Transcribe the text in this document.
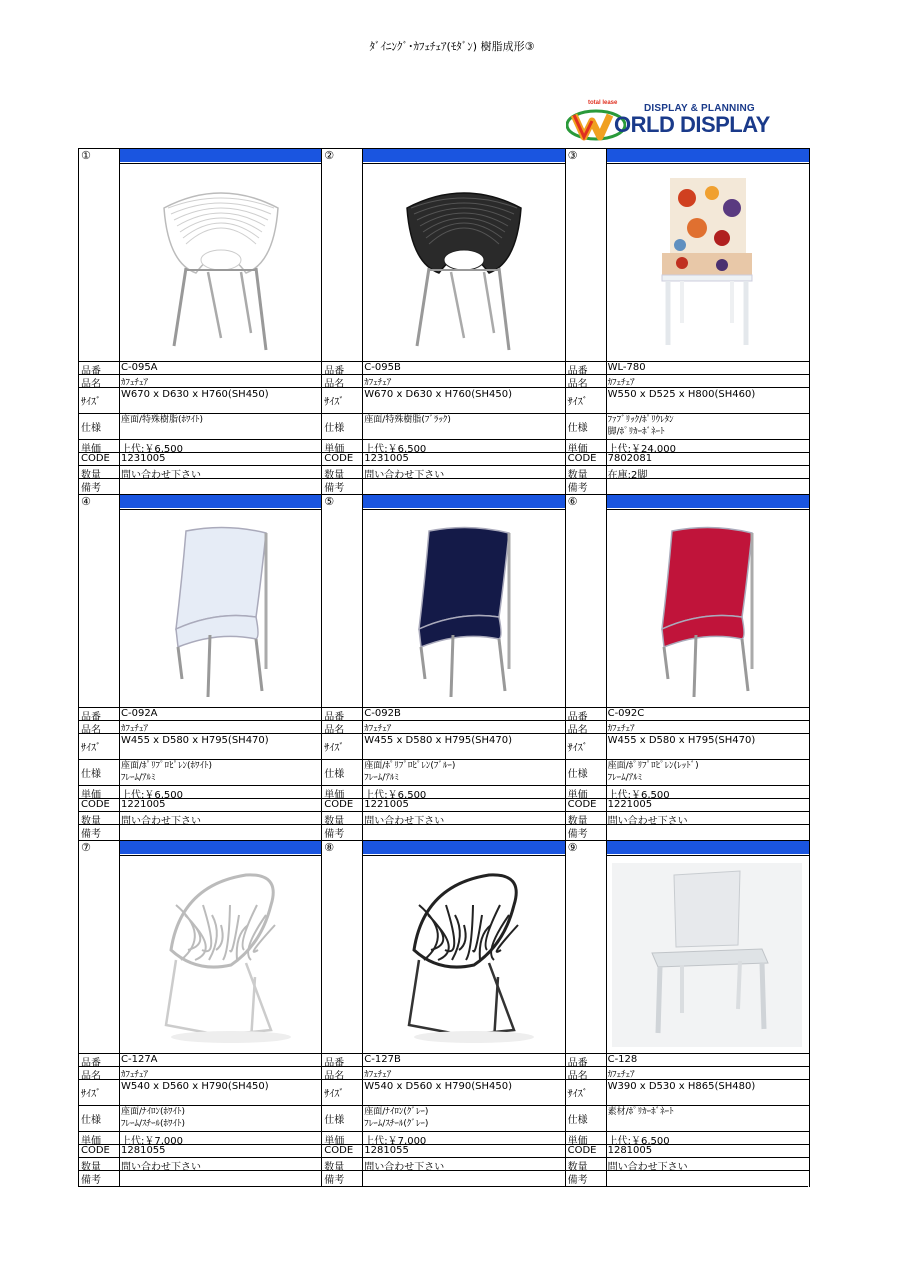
ﾀﾞｲﾆﾝｸﾞ･ｶﾌｪﾁｪｱ(ﾓﾀﾞﾝ) 樹脂成形③
total lease	DISPLAY & PLANNING
ORLD DISPLAY
①
品番 C-095A
品名 ｶﾌｪﾁｪｱ
ｻｲｽﾞ
W670 x D630 x H760(SH450)
仕様
座面/特殊樹脂(ﾎﾜｲﾄ)
単価 上代:￥6,500
CODE 1231005
数量 問い合わせ下さい
備考
②
品番 C-095B
品名 ｶﾌｪﾁｪｱ
ｻｲｽﾞ
W670 x D630 x H760(SH450)
仕様
座面/特殊樹脂(ﾌﾞﾗｯｸ)
単価 上代:￥6,500
CODE 1231005
数量 問い合わせ下さい
備考
③
品番 WL-780
品名 ｶﾌｪﾁｪｱ
ｻｲｽﾞ
W550 x D525 x H800(SH460)
仕様
ﾌｧﾌﾞﾘｯｸ/ﾎﾟﾘｳﾚﾀﾝ
脚/ﾎﾟﾘｶｰﾎﾞﾈｰﾄ
単価 上代:￥24,000
CODE 7802081
数量 在庫:2脚
備考
④
品番 C-092A
品名 ｶﾌｪﾁｪｱ
ｻｲｽﾞ
W455 x D580 x H795(SH470)
仕様
座面/ﾎﾟﾘﾌﾟﾛﾋﾟﾚﾝ(ﾎﾜｲﾄ)
ﾌﾚｰﾑ/ｱﾙﾐ
単価 上代:￥6,500
CODE 1221005
数量 問い合わせ下さい
備考
⑤
品番 C-092B
品名 ｶﾌｪﾁｪｱ
ｻｲｽﾞ
W455 x D580 x H795(SH470)
仕様
座面/ﾎﾟﾘﾌﾟﾛﾋﾟﾚﾝ(ﾌﾞﾙｰ)
ﾌﾚｰﾑ/ｱﾙﾐ
単価 上代:￥6,500
CODE 1221005
数量 問い合わせ下さい
備考
⑥
品番 C-092C
品名 ｶﾌｪﾁｪｱ
ｻｲｽﾞ
W455 x D580 x H795(SH470)
仕様
座面/ﾎﾟﾘﾌﾟﾛﾋﾟﾚﾝ(ﾚｯﾄﾞ)
ﾌﾚｰﾑ/ｱﾙﾐ
単価 上代:￥6,500
CODE 1221005
数量 問い合わせ下さい
備考
⑦
品番 C-127A
品名 ｶﾌｪﾁｪｱ
ｻｲｽﾞ
W540 x D560 x H790(SH450)
仕様
座面/ﾅｲﾛﾝ(ﾎﾜｲﾄ)
ﾌﾚｰﾑ/ｽﾁｰﾙ(ﾎﾜｲﾄ)
単価 上代:￥7,000
CODE 1281055
数量 問い合わせ下さい
備考
⑧
品番 C-127B
品名 ｶﾌｪﾁｪｱ
ｻｲｽﾞ
W540 x D560 x H790(SH450)
仕様
座面/ﾅｲﾛﾝ(ｸﾞﾚｰ)
ﾌﾚｰﾑ/ｽﾁｰﾙ(ｸﾞﾚｰ)
単価 上代:￥7,000
CODE 1281055
数量 問い合わせ下さい
備考
⑨
品番 C-128
品名 ｶﾌｪﾁｪｱ
ｻｲｽﾞ
W390 x D530 x H865(SH480)
仕様
素材/ﾎﾟﾘｶｰﾎﾞﾈｰﾄ
単価 上代:￥6,500
CODE 1281005
数量 問い合わせ下さい
備考
